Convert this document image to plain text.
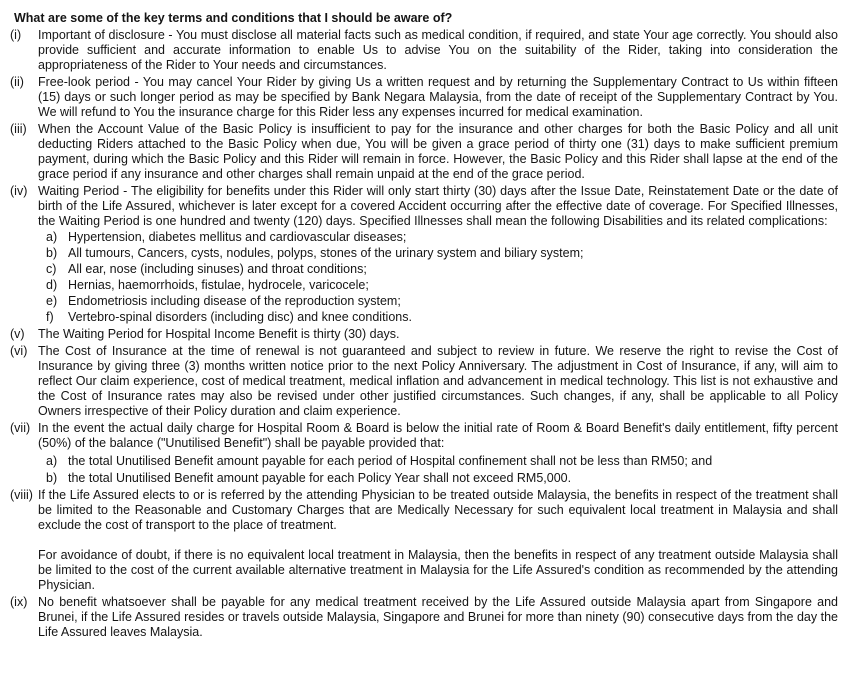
What are some of the key terms and conditions that I should be aware of?
(i) Important of disclosure - You must disclose all material facts such as medical condition, if required, and state Your age correctly. You should also provide sufficient and accurate information to enable Us to advise You on the suitability of the Rider, taking into consideration the appropriateness of the Rider to Your needs and circumstances.
(ii) Free-look period - You may cancel Your Rider by giving Us a written request and by returning the Supplementary Contract to Us within fifteen (15) days or such longer period as may be specified by Bank Negara Malaysia, from the date of receipt of the Supplementary Contract by You. We will refund to You the insurance charge for this Rider less any expenses incurred for medical examination.
(iii) When the Account Value of the Basic Policy is insufficient to pay for the insurance and other charges for both the Basic Policy and all unit deducting Riders attached to the Basic Policy when due, You will be given a grace period of thirty one (31) days to make sufficient premium payment, during which the Basic Policy and this Rider will remain in force. However, the Basic Policy and this Rider shall lapse at the end of the grace period if any insurance and other charges shall remain unpaid at the end of the grace period.
(iv) Waiting Period - The eligibility for benefits under this Rider will only start thirty (30) days after the Issue Date, Reinstatement Date or the date of birth of the Life Assured, whichever is later except for a covered Accident occurring after the effective date of coverage. For Specified Illnesses, the Waiting Period is one hundred and twenty (120) days. Specified Illnesses shall mean the following Disabilities and its related complications:
a) Hypertension, diabetes mellitus and cardiovascular diseases;
b) All tumours, Cancers, cysts, nodules, polyps, stones of the urinary system and biliary system;
c) All ear, nose (including sinuses) and throat conditions;
d) Hernias, haemorrhoids, fistulae, hydrocele, varicocele;
e) Endometriosis including disease of the reproduction system;
f) Vertebro-spinal disorders (including disc) and knee conditions.
(v) The Waiting Period for Hospital Income Benefit is thirty (30) days.
(vi) The Cost of Insurance at the time of renewal is not guaranteed and subject to review in future. We reserve the right to revise the Cost of Insurance by giving three (3) months written notice prior to the next Policy Anniversary. The adjustment in Cost of Insurance, if any, will aim to reflect Our claim experience, cost of medical treatment, medical inflation and advancement in medical technology. This list is not exhaustive and the Cost of Insurance rates may also be revised under other justified circumstances. Such changes, if any, shall be applicable to all Policy Owners irrespective of their Policy duration and claim experience.
(vii) In the event the actual daily charge for Hospital Room & Board is below the initial rate of Room & Board Benefit's daily entitlement, fifty percent (50%) of the balance ("Unutilised Benefit") shall be payable provided that:
a) the total Unutilised Benefit amount payable for each period of Hospital confinement shall not be less than RM50; and
b) the total Unutilised Benefit amount payable for each Policy Year shall not exceed RM5,000.
(viii) If the Life Assured elects to or is referred by the attending Physician to be treated outside Malaysia, the benefits in respect of the treatment shall be limited to the Reasonable and Customary Charges that are Medically Necessary for such equivalent local treatment in Malaysia and shall exclude the cost of transport to the place of treatment.
For avoidance of doubt, if there is no equivalent local treatment in Malaysia, then the benefits in respect of any treatment outside Malaysia shall be limited to the cost of the current available alternative treatment in Malaysia for the Life Assured's condition as recommended by the attending Physician.
(ix) No benefit whatsoever shall be payable for any medical treatment received by the Life Assured outside Malaysia apart from Singapore and Brunei, if the Life Assured resides or travels outside Malaysia, Singapore and Brunei for more than ninety (90) consecutive days from the day the Life Assured leaves Malaysia.
